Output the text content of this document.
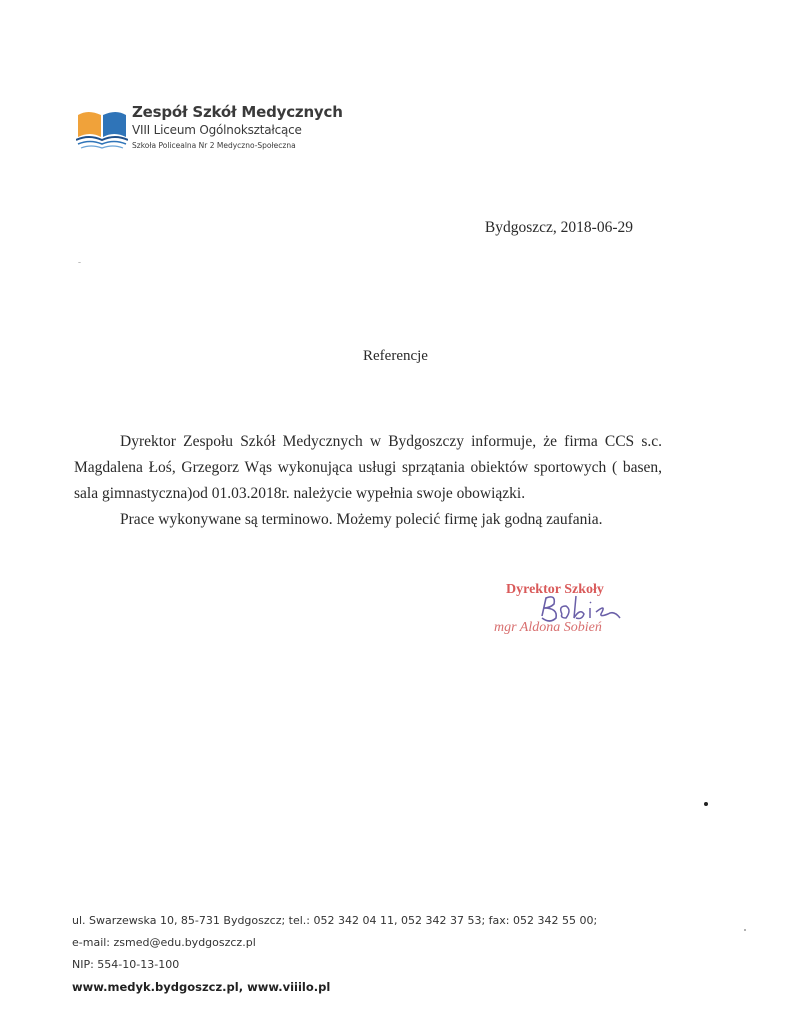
Zespół Szkół Medycznych
VIII Liceum Ogólnokształcące
Szkoła Policealna Nr 2 Medyczno-Społeczna
Bydgoszcz, 2018-06-29
Referencje

Dyrektor Zespołu Szkół Medycznych w Bydgoszczy informuje, że firma CCS s.c. Magdalena Łoś, Grzegorz Wąs wykonująca usługi sprzątania obiektów sportowych ( basen, sala gimnastyczna)od 01.03.2018r. należycie wypełnia swoje obowiązki.

Prace wykonywane są terminowo. Możemy polecić firmę jak godną zaufania.

Dyrektor Szkoły
mgr Aldona Sobień
ul. Swarzewska 10, 85-731 Bydgoszcz; tel.: 052 342 04 11, 052 342 37 53; fax: 052 342 55 00;
e-mail: zsmed@edu.bydgoszcz.pl
NIP: 554-10-13-100
www.medyk.bydgoszcz.pl, www.viiilo.pl
